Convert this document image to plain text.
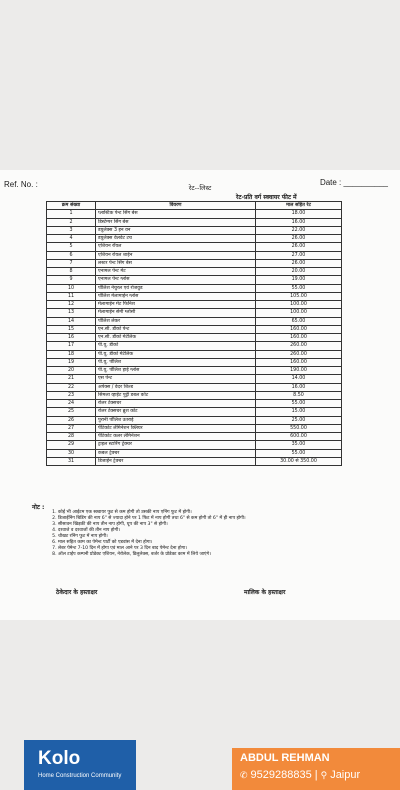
Ref. No. :	Date : __________
रेट--लिस्ट
रेट-प्रति वर्ग स्क्वायर फीट में
क्रम संख्या	विवरण	माल सहित रेट
1	प्लास्टिक पेन्ट सिंग बेस	18.00
2	डिस्टेम्पर सिंग बेस	16.00
3	डयुलेक्स 3 इन वन	22.00
4	डयुलेक्स वेलवेट टच	26.00
5	एशियन रॉयल	26.00
6	एशियन रोयल शाईन	27.00
7	लस्टर पेन्ट सिंग बेस	26.00
8	एनामल पेन्ट मेट	20.00
9	एनामल पेन्ट ग्लोस	19.00
10	पॉलिश नेचुरल एवं रोजवुड	55.00
11	पॉलिश मेलामाईन ग्लोस	105.00
12	मेलामाईन मेट फिनिश	100.00
13	मेलामाईन सेमी ग्लोसी	100.00
14	पॉलिश लेकर	65.00
15	एन.सी. डीको पेन्ट	160.00
16	एन.सी. डीको मेटेलिक	160.00
17	पी.यू. डीको	260.00
18	पी.यू. डीको मेटेलिक	260.00
19	पी.यू. पॉलिश	160.00
20	पी.यू. पॉलिश हाई ग्लोस	190.00
21	एस पेन्ट	14.00
22	अपेक्स / वेदर शिल्ड	16.00
23	सिमला व्हाईट पुट्टी डबल कोट	8.50
24	रोलर टेक्सचर	55.00
25	रोलर टेक्सचर ब्रुश कोट	15.00
26	पुरानी पॉलिश उतराई	25.00
27	पेंटिकोट लेमिनेशन क्लियर	550.00
28	पेंटिकोट कलर लेमिनेशन	600.00
29	ट्राइल स्टारिंग ट्रेक्चर	35.00
30	कबल ट्रेक्चर	55.00
31	डिजाईन ट्रेक्चर	30.00 से 350.00
नोट :
1. कोई भी आईटम एक स्क्वायर फुट से कम होगी तो उसकी नाप एनिंग फुट में होगी।
2. डिजाईनिंग बिडिंग की नाप 6" से ज्यादा होने पर 1 फिट में नाप होगी तथा 6" से कम होगी तो 6" में ही नाप होगी।
3. सीसावन खिड़की की नाप तीन नाप होगी, धूप की नाप 3" से होगी।
4. दरवाजे व दरवाजों की तीन नाप होगी।
5. चौखट रनिंग फुट में नाप होगी।
6. माल सहित काम का पेमेन्ट पार्टी को एडवांस में देना होगा।
7. लेबर पेमेन्ट 7-10 दिन में होगा एवं माल आने पर 3 दिन बाद पेमेन्ट देना होगा।
8. ऑल टाईप कम्पनी प्रोडेक्ट एशियन, नेरोलेक, डिलुलेक्स, बर्जर के प्रोडेक्ट काम में लिये जाएंगे।
ठेकेदार के हस्ताक्षर	मालिक के हस्ताक्षर
Kolo
Home Construction Community
ABDUL REHMAN
✆ 9529288835 | ⚲ Jaipur
